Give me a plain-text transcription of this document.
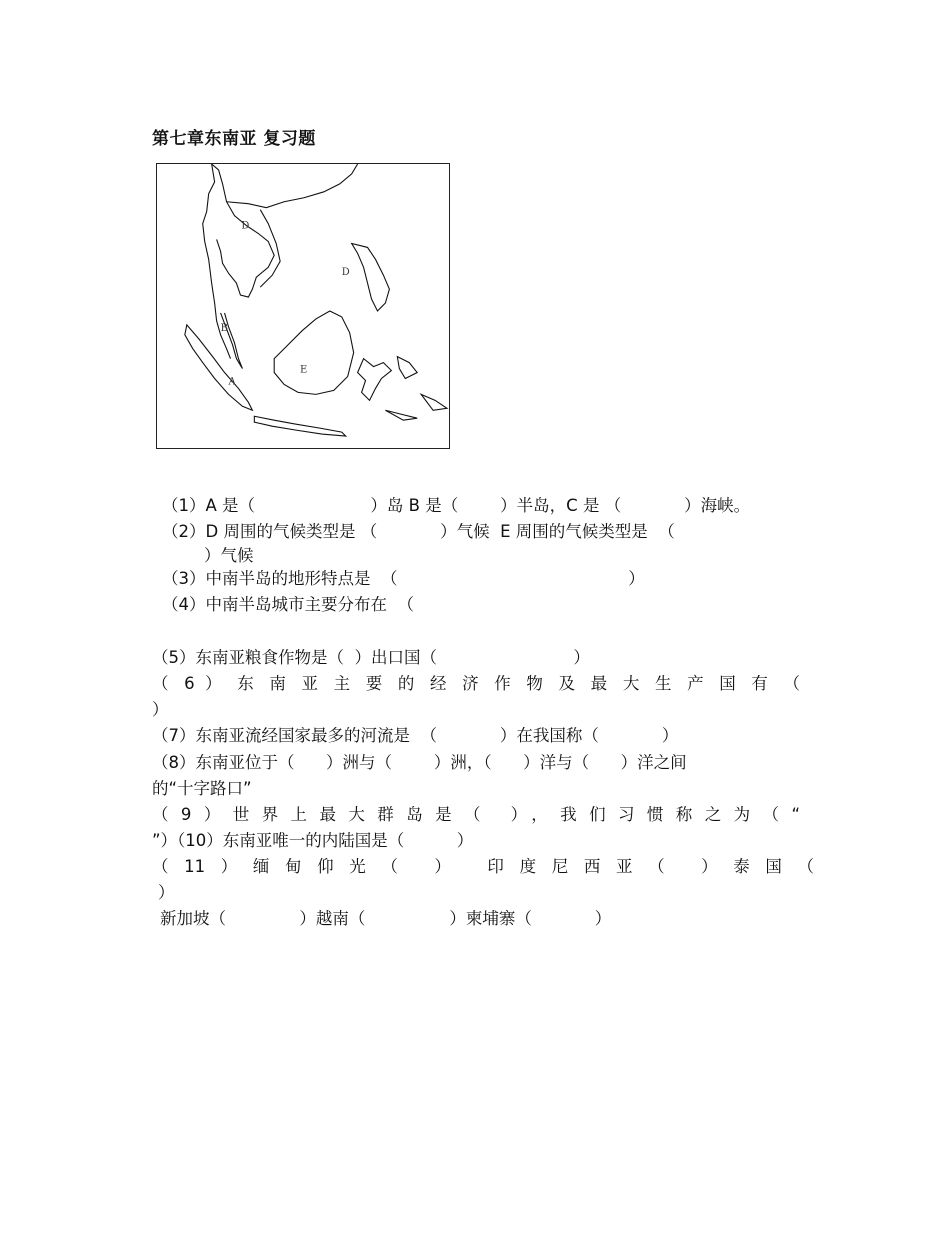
第七章东南亚 复习题
D
D
B
A
E
（1）A 是（                      ）岛 B 是（        ）半岛，C 是 （            ）海峡。
（2）D 周围的气候类型是 （            ）气候  E 周围的气候类型是  （
）气候
（3）中南半岛的地形特点是  （                                            ）
（4）中南半岛城市主要分布在  （
（5）东南亚粮食作物是（  ）出口国（                          ）
（ 6 ） 东 南 亚 主 要 的 经 济 作 物 及 最 大 生 产 国 有 （
）
（7）东南亚流经国家最多的河流是  （            ）在我国称（            ）
（8）东南亚位于（      ）洲与（        ）洲，（      ）洋与（      ）洋之间
的“十字路口”
（9）世界上最大群岛是（ ），我们习惯称之为（“
”）（10）东南亚唯一的内陆国是（          ）
（11）缅甸仰光（ ） 印度尼西亚（ ）泰国（
）
新加坡（              ）越南（                ）柬埔寨（            ）
